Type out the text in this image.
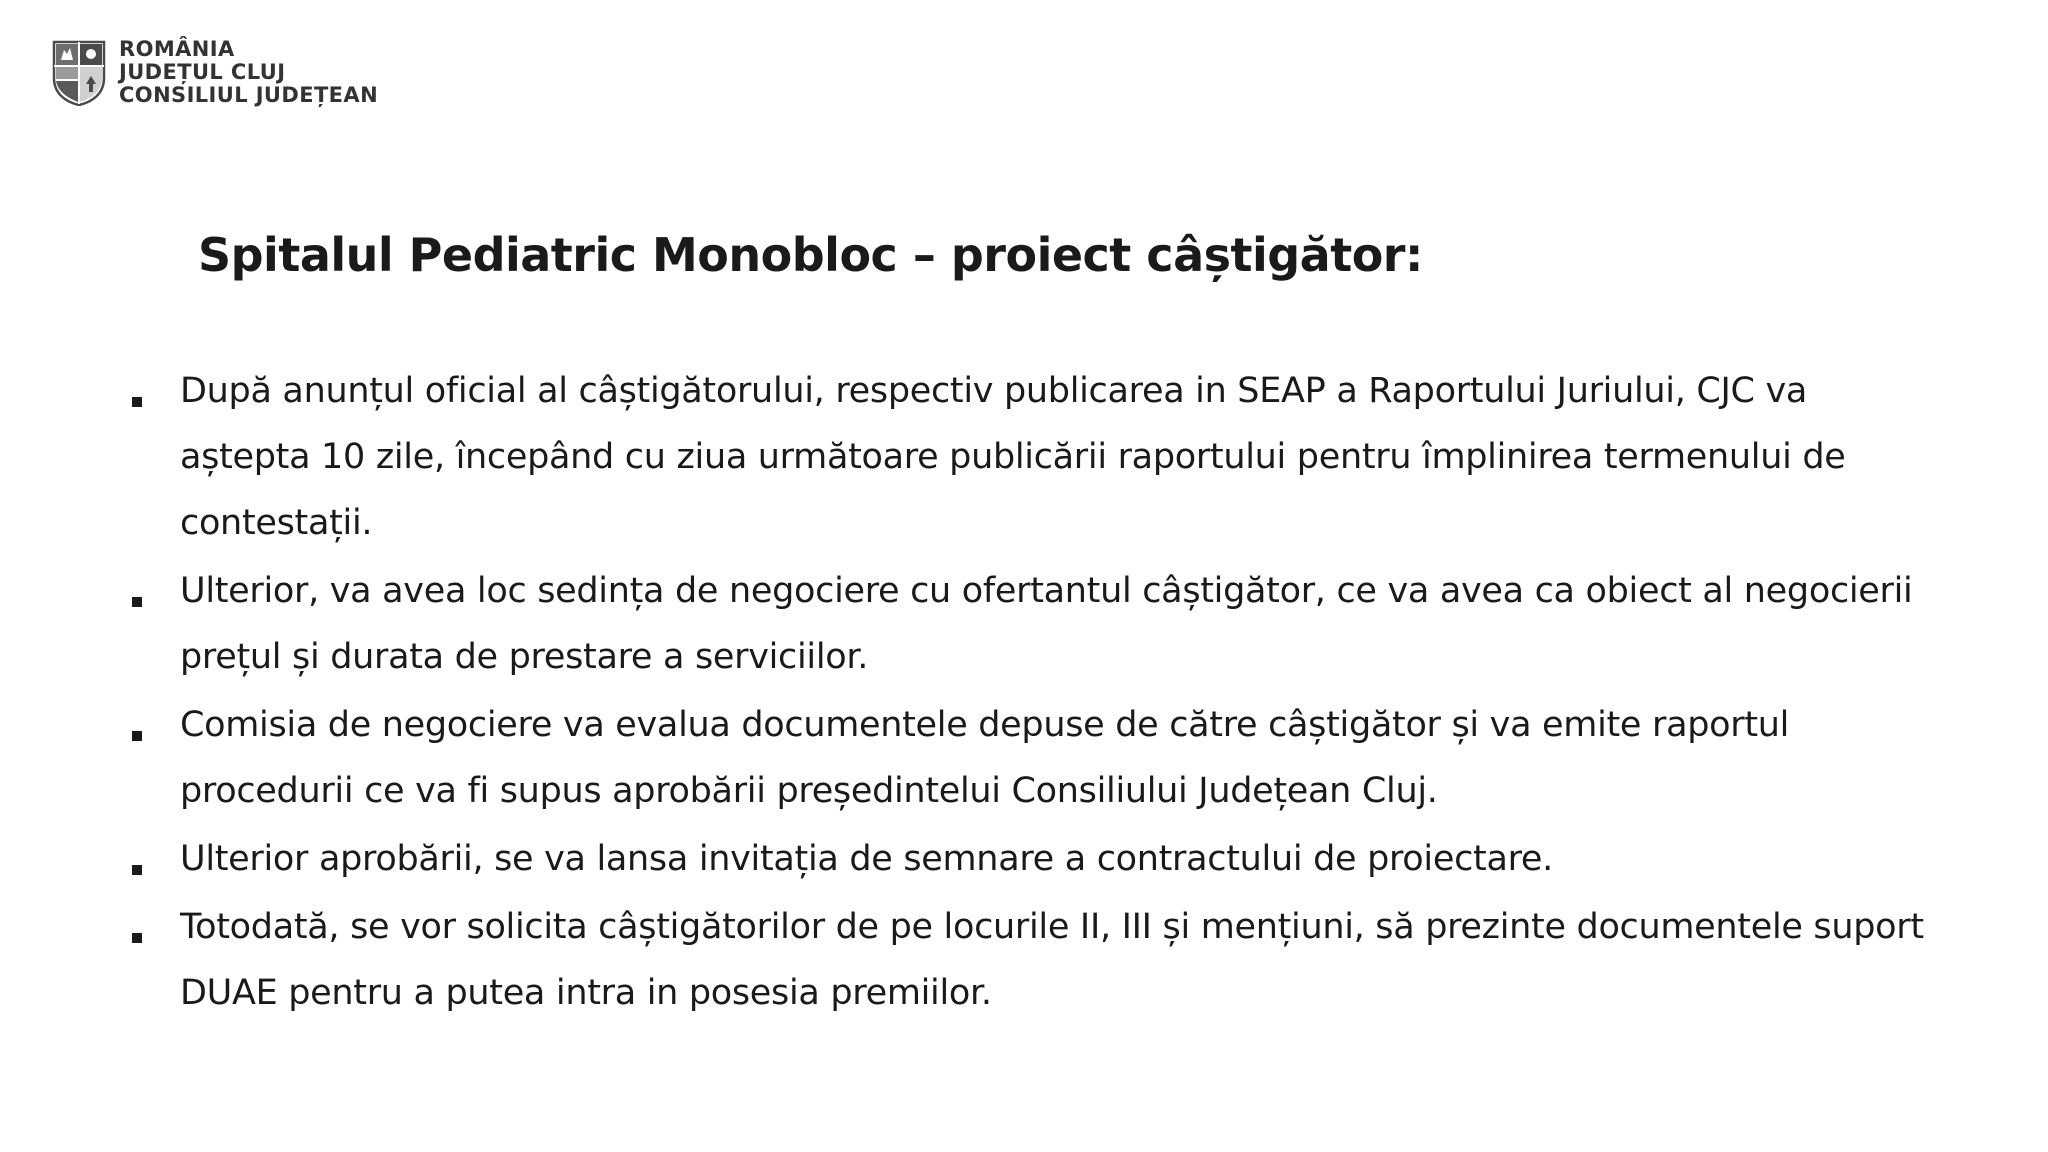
ROMÂNIA
JUDEȚUL CLUJ
CONSILIUL JUDEȚEAN
Spitalul Pediatric Monobloc – proiect câștigător:
După anunțul oficial al câștigătorului, respectiv publicarea in SEAP a Raportului Juriului, CJC va aștepta 10 zile, începând cu ziua următoare publicării raportului pentru împlinirea termenului de contestații.
Ulterior, va avea loc sedința de negociere cu ofertantul câștigător, ce va avea ca obiect al negocierii prețul și durata de prestare a serviciilor.
Comisia de negociere va evalua documentele depuse de către câștigător și va emite raportul procedurii ce va fi supus aprobării președintelui Consiliului Județean Cluj.
Ulterior aprobării, se va lansa invitația de semnare a contractului de proiectare.
Totodată, se vor solicita câștigătorilor de pe locurile II, III și mențiuni, să prezinte documentele suport DUAE pentru a putea intra in posesia premiilor.
